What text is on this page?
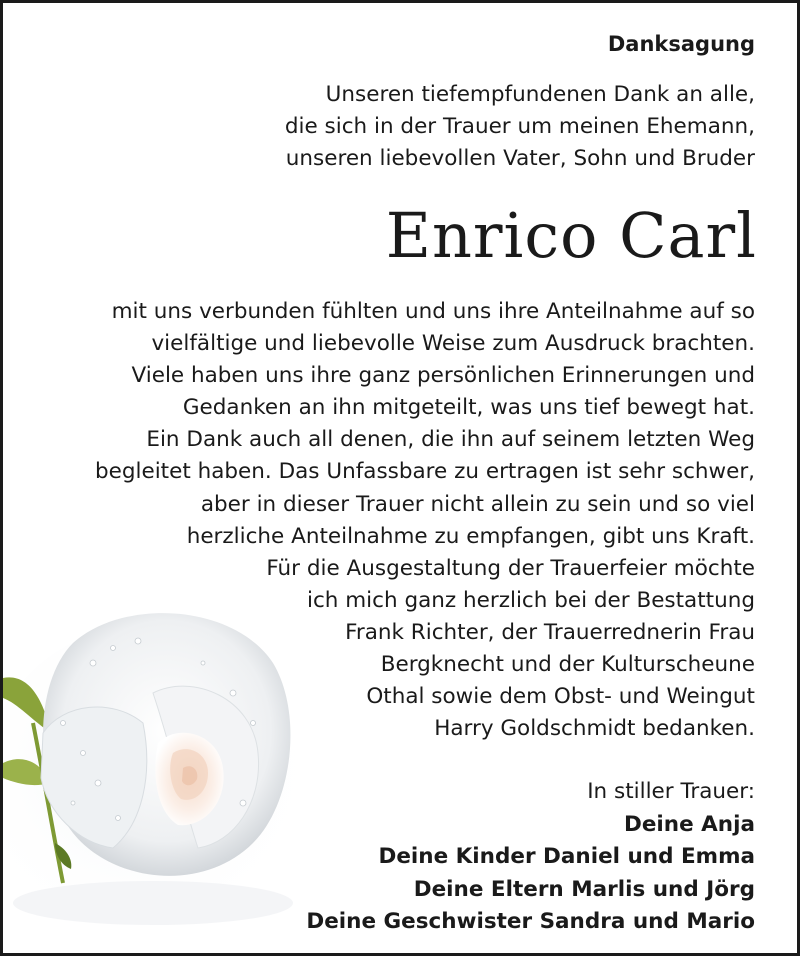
Danksagung
Unseren tiefempfundenen Dank an alle,
die sich in der Trauer um meinen Ehemann,
unseren liebevollen Vater, Sohn und Bruder
Enrico Carl
mit uns verbunden fühlten und uns ihre Anteilnahme auf so
vielfältige und liebevolle Weise zum Ausdruck brachten.
Viele haben uns ihre ganz persönlichen Erinnerungen und
Gedanken an ihn mitgeteilt, was uns tief bewegt hat.
Ein Dank auch all denen, die ihn auf seinem letzten Weg
begleitet haben. Das Unfassbare zu ertragen ist sehr schwer,
aber in dieser Trauer nicht allein zu sein und so viel
herzliche Anteilnahme zu empfangen, gibt uns Kraft.
Für die Ausgestaltung der Trauerfeier möchte
ich mich ganz herzlich bei der Bestattung
Frank Richter, der Trauerrednerin Frau
Bergknecht und der Kulturscheune
Othal sowie dem Obst- und Weingut
Harry Goldschmidt bedanken.
In stiller Trauer:
Deine Anja
Deine Kinder Daniel und Emma
Deine Eltern Marlis und Jörg
Deine Geschwister Sandra und Mario
